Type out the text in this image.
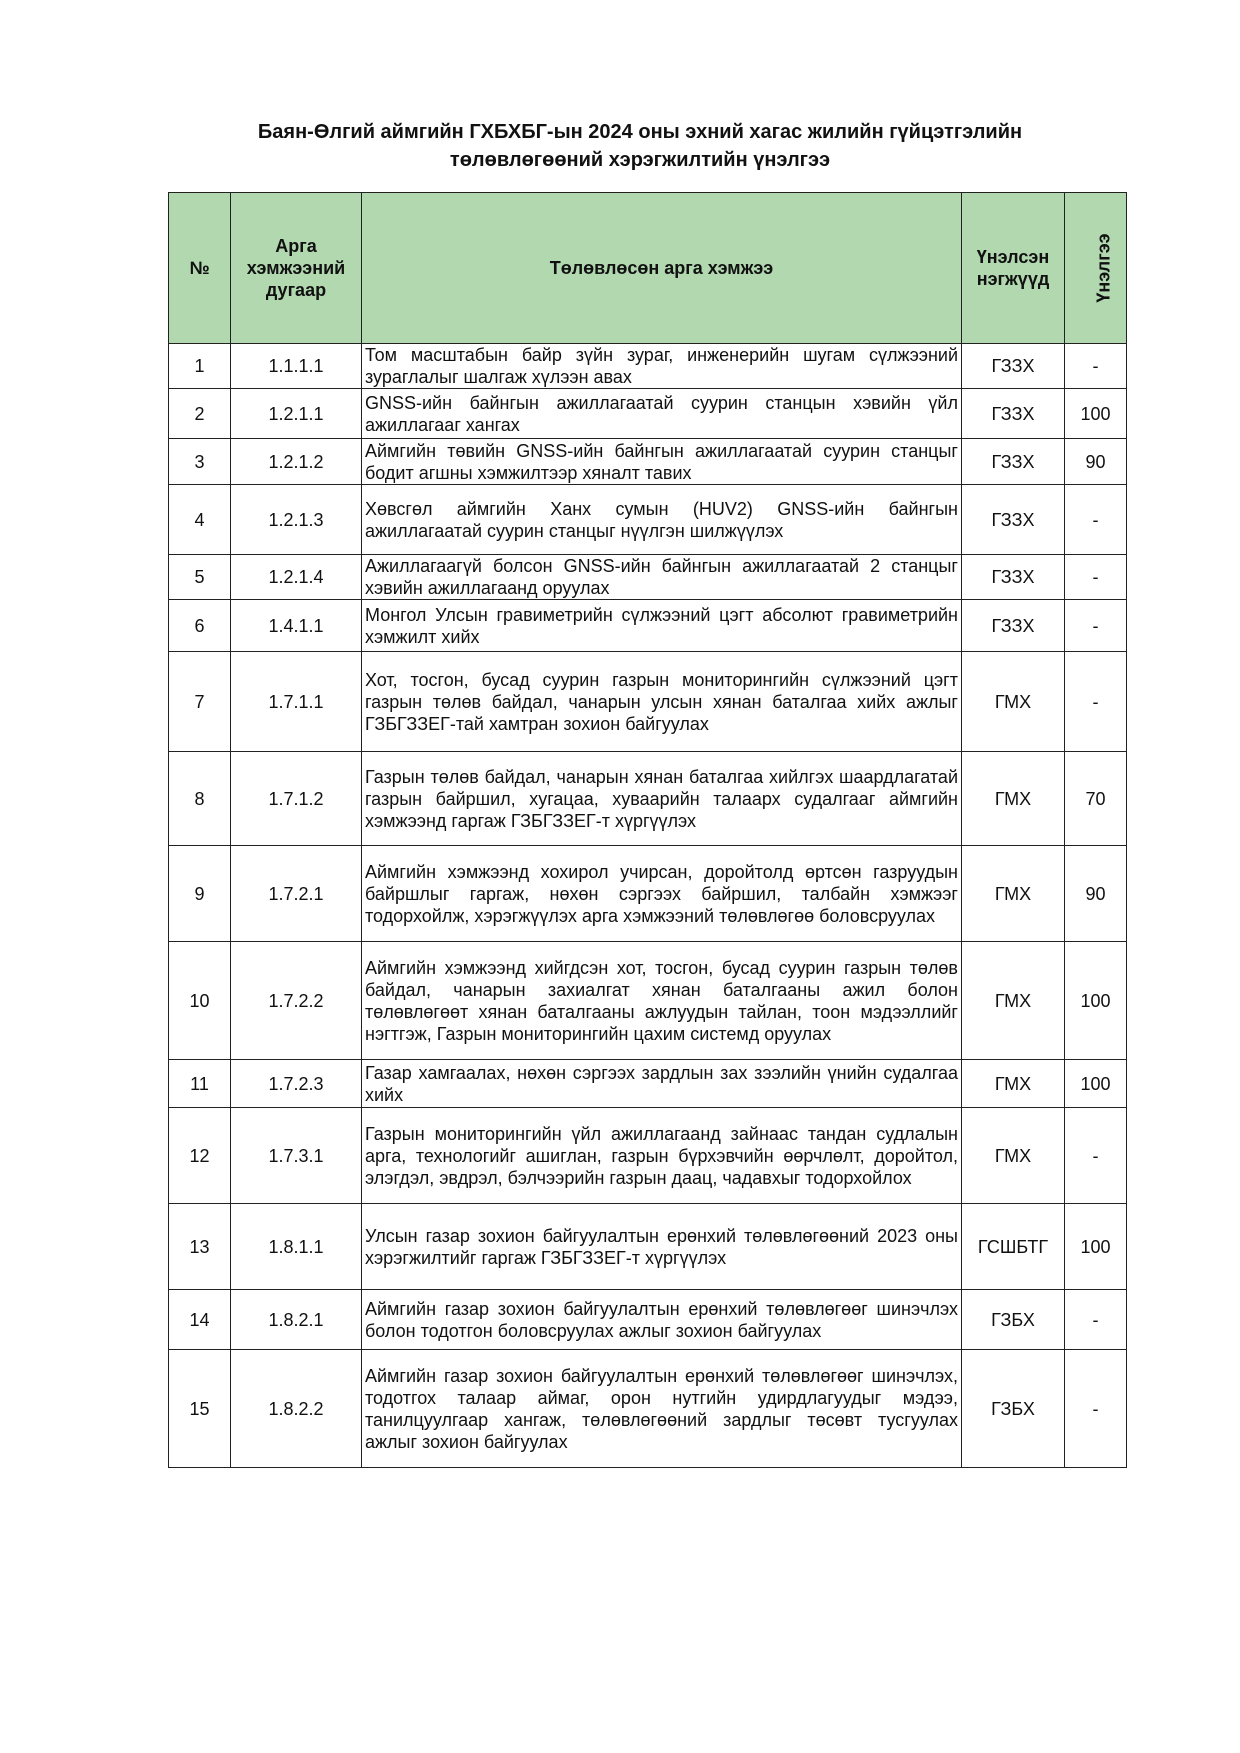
Баян-Өлгий аймгийн ГХБХБГ-ын 2024 оны эхний хагас жилийн гүйцэтгэлийн
төлөвлөгөөний хэрэгжилтийн үнэлгээ
№	Арга хэмжээний дугаар	Төлөвлөсөн арга хэмжээ	Үнэлсэн нэгжүүд	Үнэлгээ
1	1.1.1.1	Том масштабын байр зүйн зураг, инженерийн шугам сүлжээний зураглалыг шалгаж хүлээн авах	ГЗЗХ	-
2	1.2.1.1	GNSS-ийн байнгын ажиллагаатай суурин станцын хэвийн үйл ажиллагааг хангах	ГЗЗХ	100
3	1.2.1.2	Аймгийн төвийн GNSS-ийн байнгын ажиллагаатай суурин станцыг бодит агшны хэмжилтээр хяналт тавих	ГЗЗХ	90
4	1.2.1.3	Хөвсгөл аймгийн Ханх сумын (HUV2) GNSS-ийн байнгын ажиллагаатай суурин станцыг нүүлгэн шилжүүлэх	ГЗЗХ	-
5	1.2.1.4	Ажиллагаагүй болсон GNSS-ийн байнгын ажиллагаатай 2 станцыг хэвийн ажиллагаанд оруулах	ГЗЗХ	-
6	1.4.1.1	Монгол Улсын гравиметрийн сүлжээний цэгт абсолют гравиметрийн хэмжилт хийх	ГЗЗХ	-
7	1.7.1.1	Хот, тосгон, бусад суурин газрын мониторингийн сүлжээний цэгт газрын төлөв байдал, чанарын улсын хянан баталгаа хийх ажлыг ГЗБГЗЗЕГ-тай хамтран зохион байгуулах	ГМХ	-
8	1.7.1.2	Газрын төлөв байдал, чанарын хянан баталгаа хийлгэх шаардлагатай газрын байршил, хугацаа, хуваарийн талаарх судалгааг аймгийн хэмжээнд гаргаж ГЗБГЗЗЕГ-т хүргүүлэх	ГМХ	70
9	1.7.2.1	Аймгийн хэмжээнд хохирол учирсан, доройтолд өртсөн газруудын байршлыг гаргаж, нөхөн сэргээх байршил, талбайн хэмжээг тодорхойлж, хэрэгжүүлэх арга хэмжээний төлөвлөгөө боловсруулах	ГМХ	90
10	1.7.2.2	Аймгийн хэмжээнд хийгдсэн хот, тосгон, бусад суурин газрын төлөв байдал, чанарын захиалгат хянан баталгааны ажил болон төлөвлөгөөт хянан баталгааны ажлуудын тайлан, тоон мэдээллийг нэгтгэж, Газрын мониторингийн цахим системд оруулах	ГМХ	100
11	1.7.2.3	Газар хамгаалах, нөхөн сэргээх зардлын зах зээлийн үнийн судалгаа хийх	ГМХ	100
12	1.7.3.1	Газрын мониторингийн үйл ажиллагаанд зайнаас тандан судлалын арга, технологийг ашиглан, газрын бүрхэвчийн өөрчлөлт, доройтол, элэгдэл, эвдрэл, бэлчээрийн газрын даац, чадавхыг тодорхойлох	ГМХ	-
13	1.8.1.1	Улсын газар зохион байгуулалтын ерөнхий төлөвлөгөөний 2023 оны хэрэгжилтийг гаргаж ГЗБГЗЗЕГ-т хүргүүлэх	ГСШБТГ	100
14	1.8.2.1	Аймгийн газар зохион байгуулалтын ерөнхий төлөвлөгөөг шинэчлэх болон тодотгон боловсруулах ажлыг зохион байгуулах	ГЗБХ	-
15	1.8.2.2	Аймгийн газар зохион байгуулалтын ерөнхий төлөвлөгөөг шинэчлэх, тодотгох талаар аймаг, орон нутгийн удирдлагуудыг мэдээ, танилцуулгаар хангаж, төлөвлөгөөний зардлыг төсөвт тусгуулах ажлыг зохион байгуулах	ГЗБХ	-
